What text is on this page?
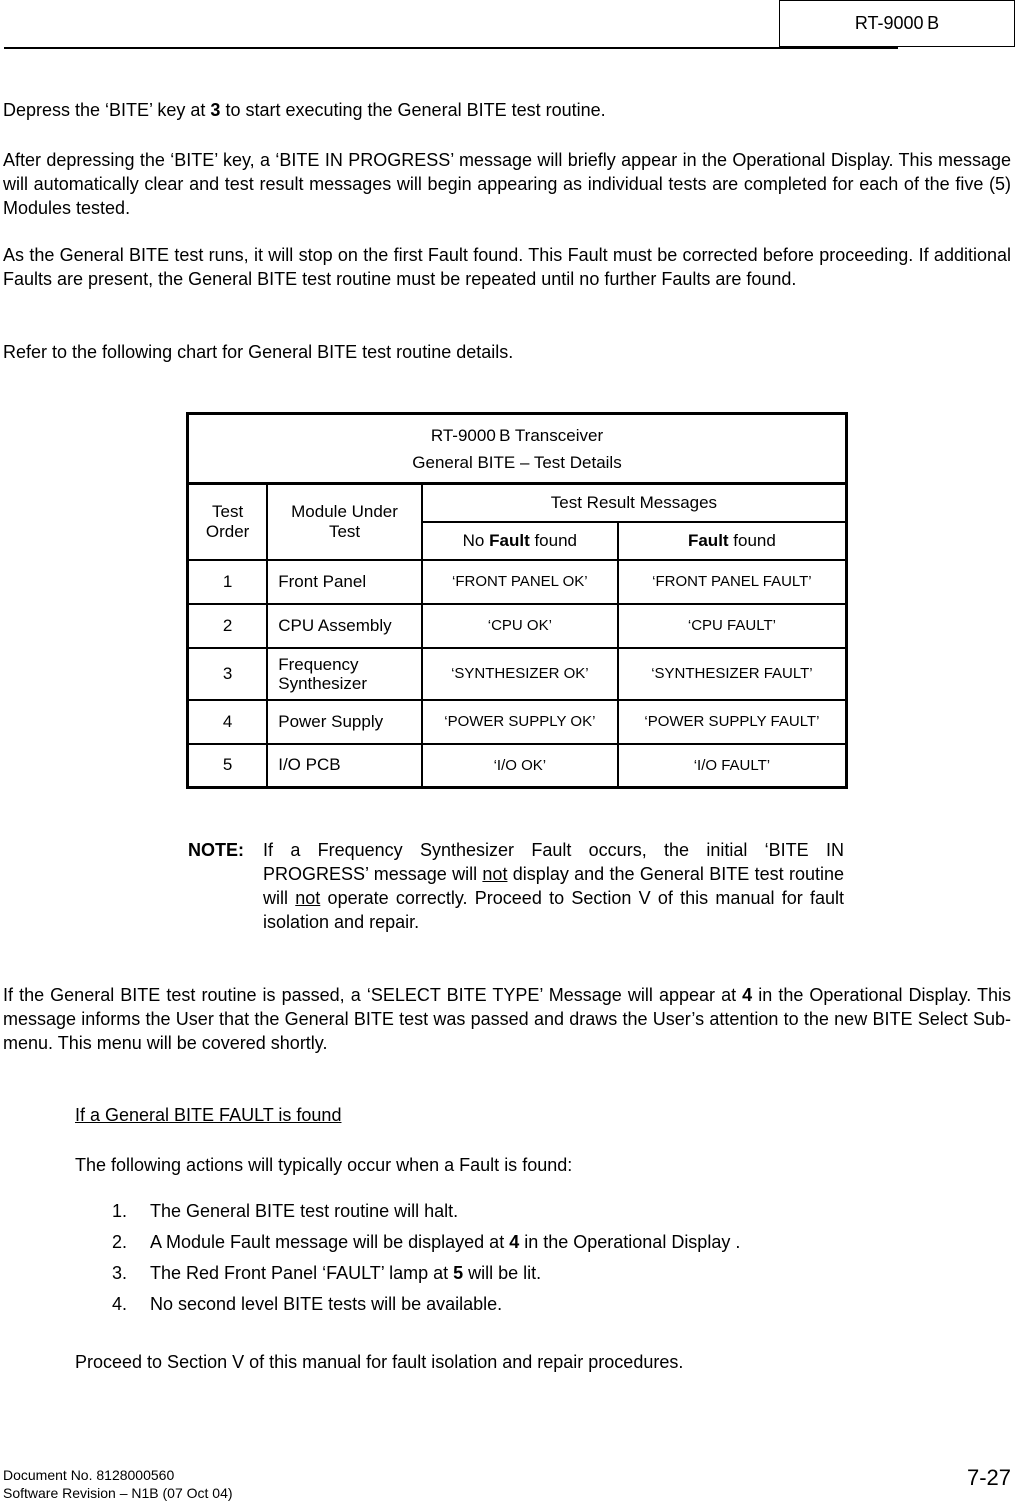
RT-9000 B

Depress the ‘BITE’ key at 3 to start executing the General BITE test routine.

After depressing the ‘BITE’ key, a ‘BITE IN PROGRESS’ message will briefly appear in the Operational Display. This message will automatically clear and test result messages will begin appearing as individual tests are completed for each of the five (5) Modules tested.

As the General BITE test runs, it will stop on the first Fault found. This Fault must be corrected before proceeding. If additional Faults are present, the General BITE test routine must be repeated until no further Faults are found.

Refer to the following chart for General BITE test routine details.

RT-9000 B Transceiver
General BITE – Test Details			

Test Order	Module Under Test	Test Result Messages	
		No Fault found	Fault found
1	Front Panel	‘FRONT PANEL OK’	‘FRONT PANEL FAULT’
2	CPU Assembly	‘CPU OK’	‘CPU FAULT’
3	Frequency Synthesizer	‘SYNTHESIZER OK’	‘SYNTHESIZER FAULT’
4	Power Supply	‘POWER SUPPLY OK’	‘POWER SUPPLY FAULT’
5	I/O PCB	‘I/O OK’	‘I/O FAULT’
NOTE:	If a Frequency Synthesizer Fault occurs, the initial ‘BITE IN PROGRESS’ message will not display and the General BITE test routine will not operate correctly. Proceed to Section V of this manual for fault isolation and repair.

If the General BITE test routine is passed, a ‘SELECT BITE TYPE’ Message will appear at 4 in the Operational Display. This message informs the User that the General BITE test was passed and draws the User’s attention to the new BITE Select Sub-menu. This menu will be covered shortly.

If a General BITE FAULT is found
The following actions will typically occur when a Fault is found:
1.	The General BITE test routine will halt.
2.	A Module Fault message will be displayed at 4 in the Operational Display .
3.	The Red Front Panel ‘FAULT’ lamp at 5 will be lit.
4.	No second level BITE tests will be available.
Proceed to Section V of this manual for fault isolation and repair procedures.
Document No. 8128000560
Software Revision – N1B (07 Oct 04)
7-27
